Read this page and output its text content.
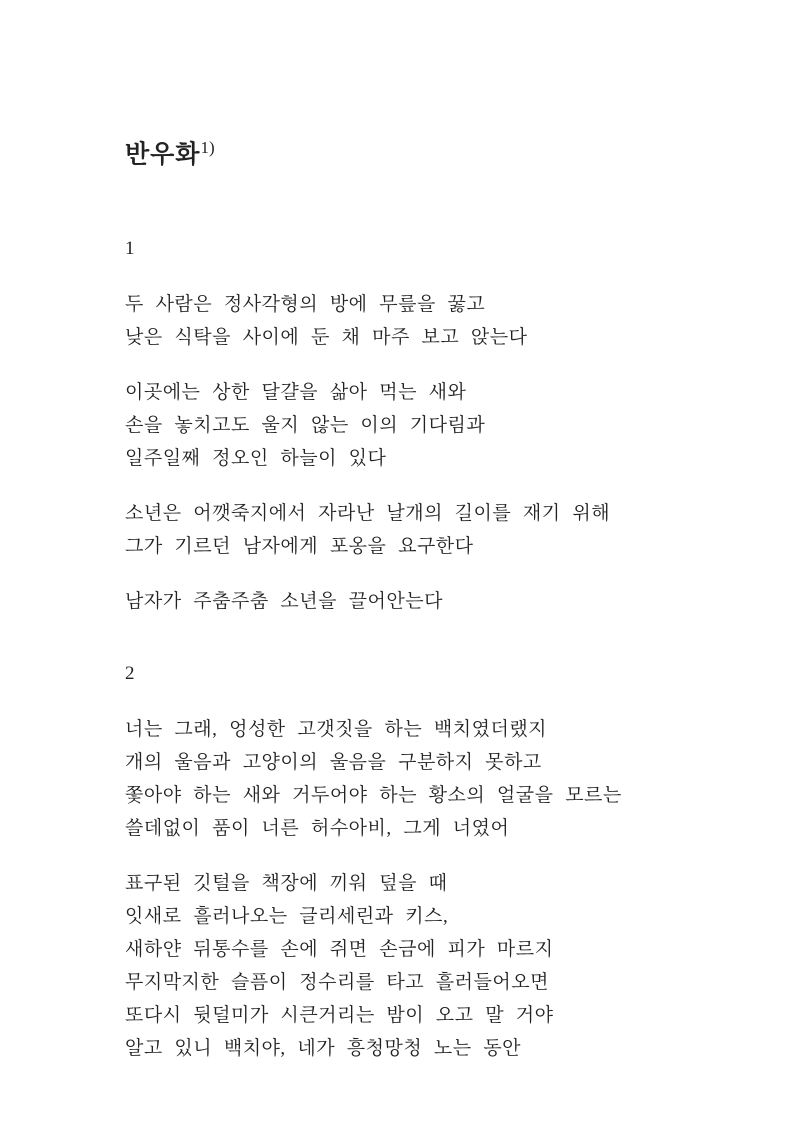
반우화$^{1)}$
1
두 사람은 정사각형의 방에 무릎을 꿇고
낮은 식탁을 사이에 둔 채 마주 보고 앉는다
이곳에는 상한 달걀을 삶아 먹는 새와
손을 놓치고도 울지 않는 이의 기다림과
일주일째 정오인 하늘이 있다
소년은 어깻죽지에서 자라난 날개의 길이를 재기 위해
그가 기르던 남자에게 포옹을 요구한다
남자가 주춤주춤 소년을 끌어안는다
2
너는 그래, 엉성한 고갯짓을 하는 백치였더랬지
개의 울음과 고양이의 울음을 구분하지 못하고
쫓아야 하는 새와 거두어야 하는 황소의 얼굴을 모르는
쓸데없이 품이 너른 허수아비, 그게 너였어
표구된 깃털을 책장에 끼워 덮을 때
잇새로 흘러나오는 글리세린과 키스,
새하얀 뒤통수를 손에 쥐면 손금에 피가 마르지
무지막지한 슬픔이 정수리를 타고 흘러들어오면
또다시 뒷덜미가 시큰거리는 밤이 오고 말 거야
알고 있니 백치야, 네가 흥청망청 노는 동안
